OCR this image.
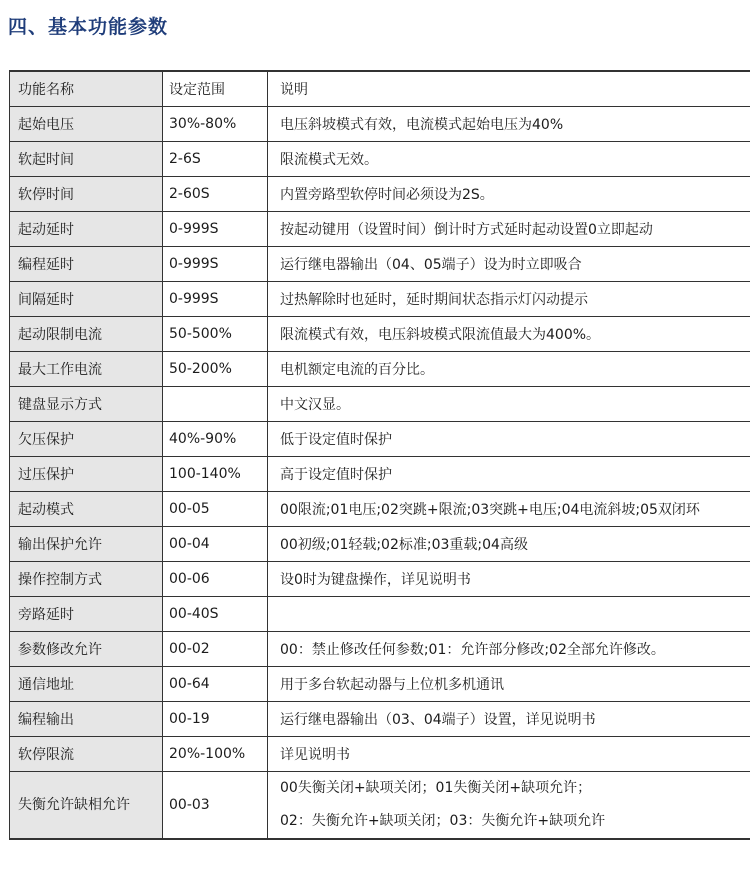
四、基本功能参数
功能名称	设定范围	说明
起始电压	30%-80%	电压斜坡模式有效，电流模式起始电压为40%
软起时间	2-6S	限流模式无效。
软停时间	2-60S	内置旁路型软停时间必须设为2S。
起动延时	0-999S	按起动键用（设置时间）倒计时方式延时起动设置0立即起动
编程延时	0-999S	运行继电器输出（04、05端子）设为时立即吸合
间隔延时	0-999S	过热解除时也延时，延时期间状态指示灯闪动提示
起动限制电流	50-500%	限流模式有效，电压斜坡模式限流值最大为400%。
最大工作电流	50-200%	电机额定电流的百分比。
键盘显示方式		中文汉显。
欠压保护	40%-90%	低于设定值时保护
过压保护	100-140%	高于设定值时保护
起动模式	00-05	00限流;01电压;02突跳+限流;03突跳+电压;04电流斜坡;05双闭环
输出保护允许	00-04	00初级;01轻载;02标准;03重载;04高级
操作控制方式	00-06	设0时为键盘操作，详见说明书
旁路延时	00-40S	
参数修改允许	00-02	00：禁止修改任何参数;01：允许部分修改;02全部允许修改。
通信地址	00-64	用于多台软起动器与上位机多机通讯
编程输出	00-19	运行继电器输出（03、04端子）设置，详见说明书
软停限流	20%-100%	详见说明书
失衡允许缺相允许	00-03	00失衡关闭+缺项关闭；01失衡关闭+缺项允许；
02：失衡允许+缺项关闭；03：失衡允许+缺项允许
